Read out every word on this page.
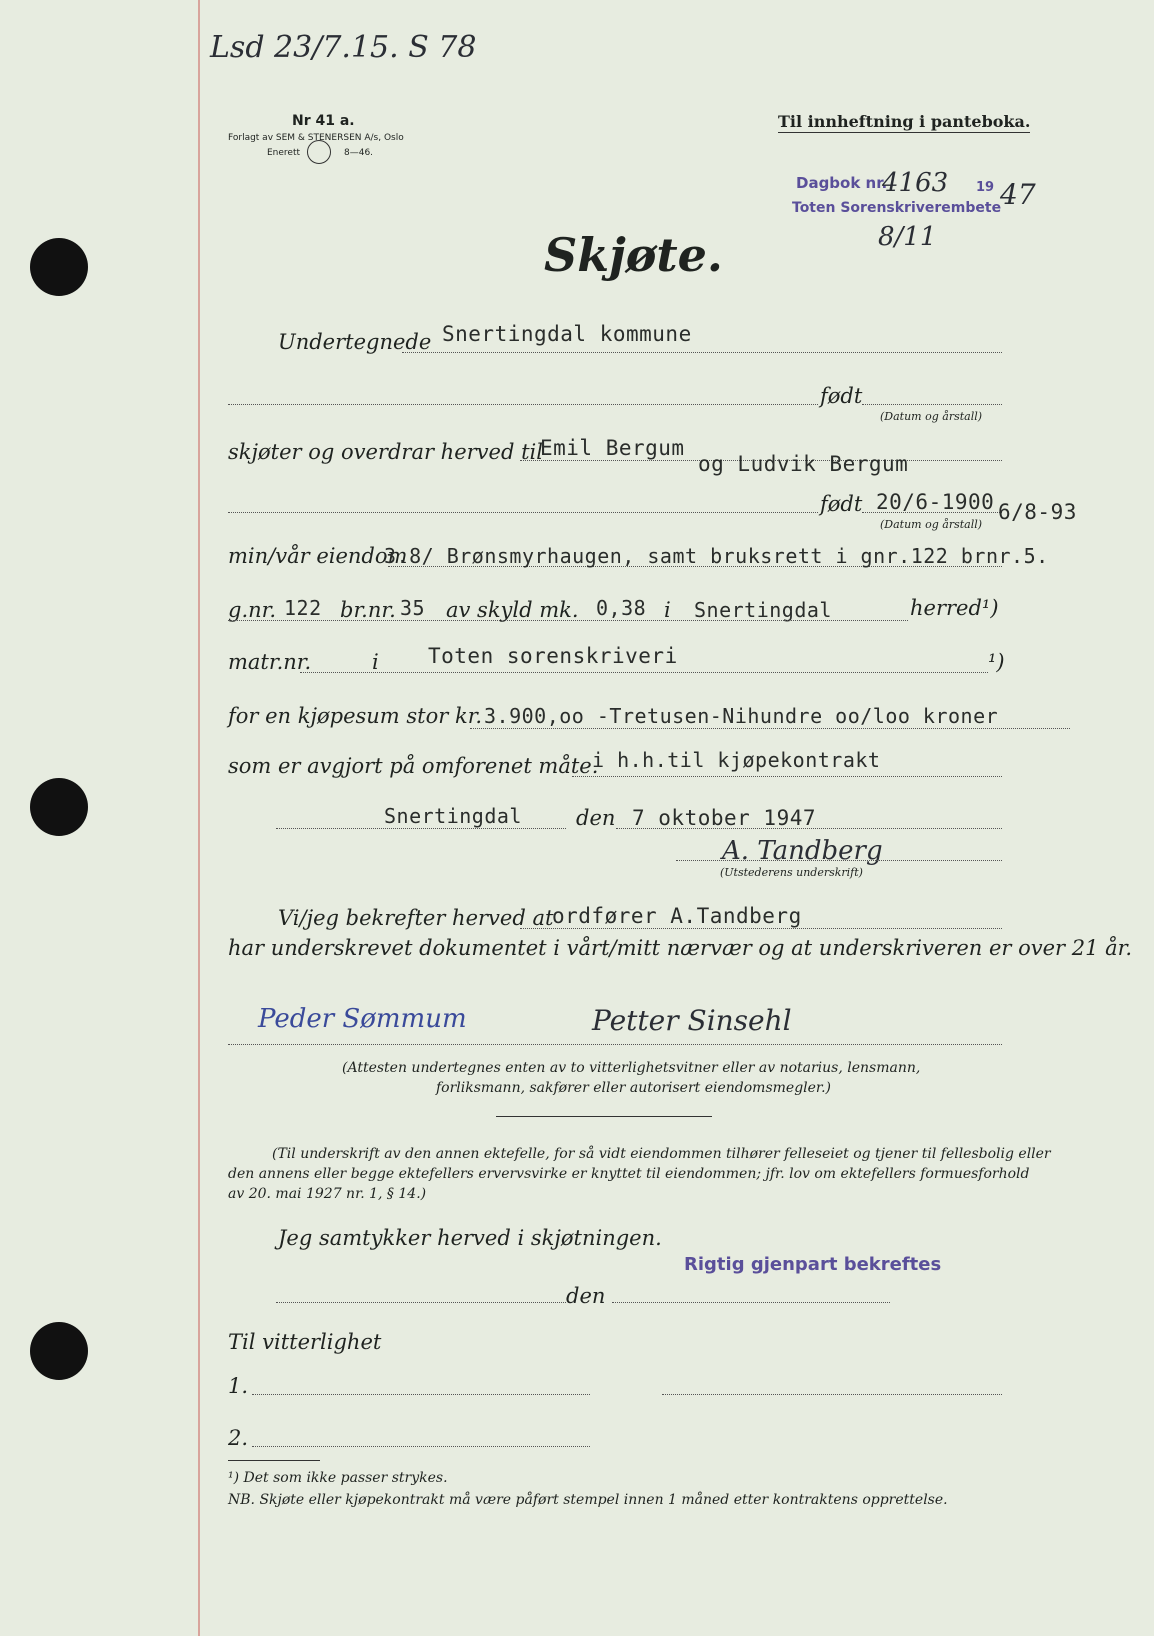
Lsd 23/7.15. S 78
Nr 41 a.
Forlagt av SEM & STENERSEN A/s, Oslo
Enerett	8—46.
Til innheftning i panteboka.
Dagbok nr.
4163 19 47
Toten Sorenskriverembete
8/11
Skjøte.
Undertegnede Snertingdal kommune
født
(Datum og årstall)
skjøter og overdrar herved til
Emil Bergum
og Ludvik Bergum
født 20/6-1900 6/8-93
(Datum og årstall)
min/vår eiendom
3.8/ Brønsmyrhaugen, samt bruksrett i gnr.122 brnr.5.
g.nr. 122 br.nr. 35 av skyld mk. 0,38 i Snertingdal	herred¹)
matr.nr.	i Toten sorenskriveri	¹)
for en kjøpesum stor kr. 3.900,oo -Tretusen-Nihundre oo/loo kroner
som er avgjort på omforenet måte.
i h.h.til kjøpekontrakt
Snertingdal	den 7 oktober 1947
A. Tandberg
(Utstederens underskrift)
Vi/jeg bekrefter herved at
ordfører A.Tandberg
har underskrevet dokumentet i vårt/mitt nærvær og at underskriveren er over 21 år.
Peder Sømmum	Petter Sinsehl
(Attesten undertegnes enten av to vitterlighetsvitner eller av notarius, lensmann,
forliksmann, sakfører eller autorisert eiendomsmegler.)
(Til underskrift av den annen ektefelle, for så vidt eiendommen tilhører felleseiet og tjener til fellesbolig eller
den annens eller begge ektefellers ervervsvirke er knyttet til eiendommen; jfr. lov om ektefellers formuesforhold
av 20. mai 1927 nr. 1, § 14.)
Jeg samtykker herved i skjøtningen.
Rigtig gjenpart bekreftes
den
Til vitterlighet
1.
2.
¹) Det som ikke passer strykes.
NB. Skjøte eller kjøpekontrakt må være påført stempel innen 1 måned etter kontraktens opprettelse.
